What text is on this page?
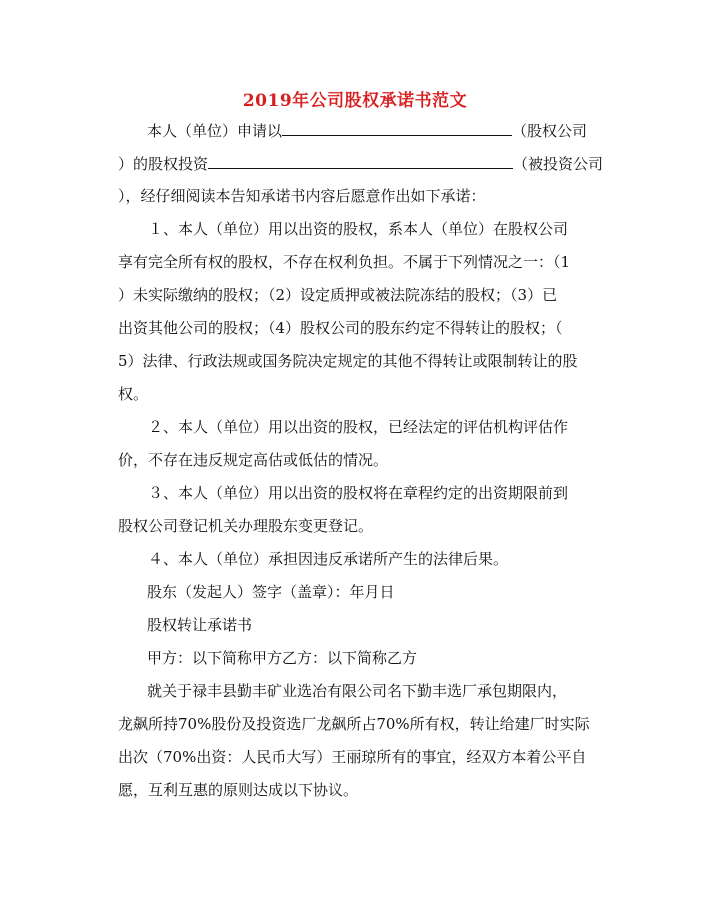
2019年公司股权承诺书范文
本人（单位）申请以	（股权公司
）的股权投资	（被投资公司
），经仔细阅读本告知承诺书内容后愿意作出如下承诺：
１、本人（单位）用以出资的股权，系本人（单位）在股权公司
享有完全所有权的股权，不存在权利负担。不属于下列情况之一：（1
）未实际缴纳的股权；（2）设定质押或被法院冻结的股权；（3）已
出资其他公司的股权；（4）股权公司的股东约定不得转让的股权；（
5）法律、行政法规或国务院决定规定的其他不得转让或限制转让的股
权。
２、本人（单位）用以出资的股权，已经法定的评估机构评估作
价，不存在违反规定高估或低估的情况。
３、本人（单位）用以出资的股权将在章程约定的出资期限前到
股权公司登记机关办理股东变更登记。
４、本人（单位）承担因违反承诺所产生的法律后果。
股东（发起人）签字（盖章）：年月日
股权转让承诺书
甲方：以下简称甲方乙方：以下简称乙方
就关于禄丰县勤丰矿业选冶有限公司名下勤丰选厂承包期限内，
龙飙所持70%股份及投资选厂龙飙所占70%所有权，转让给建厂时实际
出次（70%出资：人民币大写）王丽琼所有的事宜，经双方本着公平自
愿，互利互惠的原则达成以下协议。
